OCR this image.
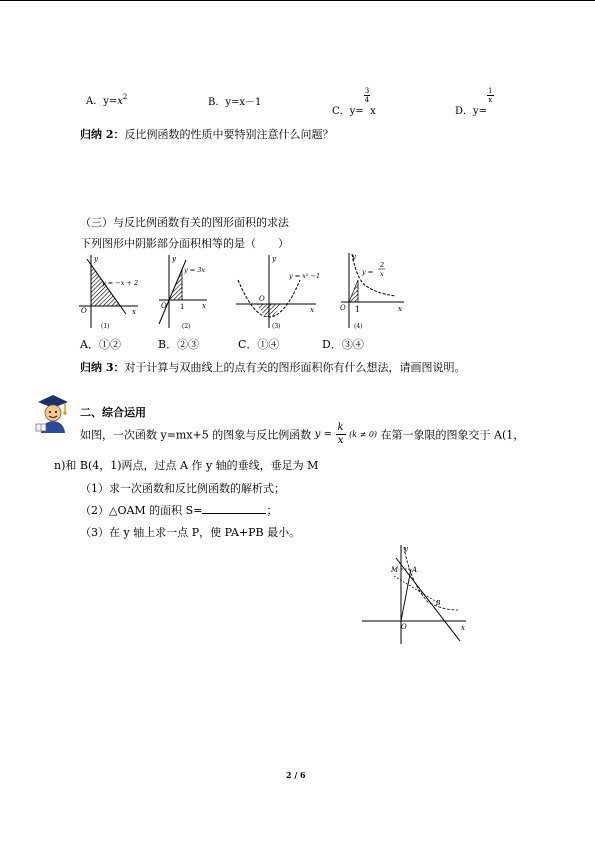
A．$y=x^2$	B．y=x－1
C．y=
$\frac{3}{4}$
x	D．y=
$\frac{1}{x}$
归纳 2：反比例函数的性质中要特别注意什么问题？
（三）与反比例函数有关的图形面积的求法
下列图形中阴影部分面积相等的是（　　）
y
x
O
y = −x + 2
(1)
y
x
O
y = 3x
1
(2)
y
x
O
y = x² −1
(3)
y
x
O
y =
2
x
1
(4)
A．①②	B．②③	C．①④	D．③④
归纳 3：对于计算与双曲线上的点有关的图形面积你有什么想法，请画图说明。
二、综合运用
如图，一次函数 y=mx+5 的图象与反比例函数 $y = \frac{k}{x} (k \ne 0)$ 在第一象限的图象交于 A(1，
n)和 B(4，1)两点，过点 A 作 y 轴的垂线，垂足为 M
（1）求一次函数和反比例函数的解析式；
（2）△OAM 的面积 S=	；
（3）在 y 轴上求一点 P，使 PA+PB 最小。
y
x
O
M A
B
2 / 6
